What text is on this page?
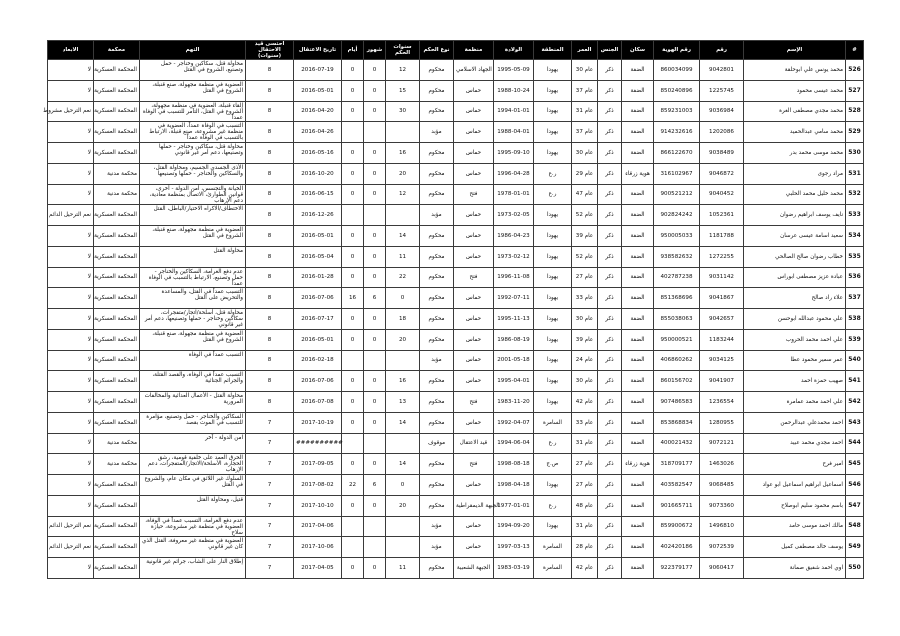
الابعاد	محكمة	التهم	احتسى قيد الاحتقال (سنوات)	تاريخ الاعتقال	أيام	شهور	سنوات الحكم	نوع الحكم	منظمة	الولادة	المنطقة	العمر	الجنس	سكان	رقم الهوية	رقم	الإسم	#
لا	المحكمة العسكرية	محاولة قتل، سكاكين وخناجر - حمل وتصنيع، الشروع في القتل	8	2016-07-19	0	0	12	محكوم	الجهاد الاسلامي	1995-05-09	يهودا	عام 30	ذكر	الضفة	860034099	9042801	محمد يونس علي ابوحلقة	526
لا	المحكمة العسكرية	العضوية في منظمة مجهولة، صنع قنبلة، الشروع في القتل	8	2016-05-01	0	0	15	محكوم	حماس	1988-10-24	يهودا	عام 37	ذكر	الضفة	850240896	1225745	محمد عيسى محمود	527
نعم الترحيل مشروط	المحكمة العسكرية	إلقاء قنبلة، العضوية في منظمة مجهولة، الشروع في القتل، التآمر للتسبب في الوفاة عمداً	8	2016-04-20	0	0	30	محكوم	حماس	1994-01-01	يهودا	عام 31	ذكر	الضفة	859231003	9036984	محمد مجدي مصطفى الغرة	528
لا	المحكمة العسكرية	التسبب في الوفاة عمداً، العضوية في منظمة غير مشروعة، صنع قنبلة، الارتباط بالتسبب في الوفاة عمداً	8	2016-04-26				مؤبد	حماس	1988-04-01	يهودا	عام 37	ذكر	الضفة	914232616	1202086	محمد سامي عبدالحميد	529
لا	المحكمة العسكرية	محاولة قتل، سكاكين وخناجر - حملها وتصنيعها، دعم أمر غير قانوني	8	2016-05-16	0	0	16	محكوم	حماس	1995-09-10	يهودا	عام 30	ذكر	الضفة	866122670	9038489	محمد موسى محمد بدر	530
لا	محكمة مدنية	الأذى الجسدي الجسيم، ومحاولة القتل، والسكاكين والخناجر - حملها وتصنيعها	8	2016-10-20	0	0	20	محكوم	حماس	1996-04-28	ر.ع	عام 29	ذكر	هوية زرقاء	316102967	9046872	مراد رجوى	531
لا	محكمة مدنية	الخيانة والتجسس، أمن الدولة - أخرى، قوانين الطوارئ، الاتصال بمنظمة معادية، دعم الإرهاب	8	2016-06-15	0	0	12	محكوم	فتح	1978-01-01	ر.ع	عام 47	ذكر	الضفة	900521212	9040452	محمد خليل محمد الحلبي	532
نعم الترحيل الدائم	المحكمة العسكرية	الاختطاف/الاكراه الاختيار/الباطل، القتل	8	2016-12-26				مؤبد	حماس	1973-02-05	يهودا	عام 52	ذكر	الضفة	902824242	1052361	نايف يوسف ابراهيم رضوان	533
لا	المحكمة العسكرية	العضوية في منظمة مجهولة، صنع قنبلة، الشروع في القتل	8	2016-05-01	0	0	14	محكوم	حماس	1986-04-23	يهودا	عام 39	ذكر	الضفة	950005033	1181788	سعيد اسامة عيسى عرسان	534
لا	المحكمة العسكرية	محاولة القتل	8	2016-05-04	0	0	11	محكوم	حماس	1973-02-12	يهودا	عام 52	ذكر	الضفة	938582632	1272255	خطاب رضوان صالح الصالحي	535
لا	المحكمة العسكرية	عدم دفع الغرامة، السكاكين والخناجر - حمل وتصنيع، الارتباط بالتسبب في الوفاة عمداً	8	2016-01-28	0	0	22	محكوم	فتح	1996-11-08	يهودا	عام 27	ذكر	الضفة	402787238	9031142	عبادة عزيز مصطفى ابوراس	536
لا	المحكمة العسكرية	التسبب عمداً في القتل، والمساعدة والتحريض على القتل	8	2016-07-06	16	6	0	محكوم	حماس	1992-07-11	يهودا	عام 33	ذكر	الضفة	851368696	9041867	علاء راد صالح	537
لا	المحكمة العسكرية	محاولة قتل، أسلحة/اتجار/متفجرات، سكاكين وخناجر - حملها وتصنيعها، دعم أمر غير قانوني	8	2016-07-17	0	0	18	محكوم	حماس	1995-11-13	يهودا	عام 30	ذكر	الضفة	855038063	9042657	علي محمود عبدالله ابوحسن	538
لا	المحكمة العسكرية	العضوية في منظمة مجهولة، صنع قنبلة، الشروع في القتل	8	2016-05-01	0	0	20	محكوم	حماس	1986-08-19	يهودا	عام 39	ذكر	الضفة	950000521	1183244	علي احمد محمد الحروب	539
لا	المحكمة العسكرية	التسبب عمداً في الوفاة	8	2016-02-18				مؤبد	حماس	2001-05-18	يهودا	عام 24	ذكر	الضفة	406860262	9034125	عمر سمير محمود عطا	540
لا	المحكمة العسكرية	التسبب عمداً في الوفاة، والقصد القتلة، والجرائم الجنائية	8	2016-07-06	0	0	16	محكوم	حماس	1995-04-01	يهودا	عام 30	ذكر	الضفة	860156702	9041907	صهيب حمزة احمد	541
لا	المحكمة العسكرية	محاولة القتل - الأعمال العدائية والمخالفات المرورية	8	2016-07-08	0	0	13	محكوم	فتح	1983-11-20	يهودا	عام 42	ذكر	الضفة	907486583	1236554	علي احمد محمد عمامرة	542
لا	المحكمة العسكرية	السكاكين والخناجر - حمل وتصنيع، مؤامرة للتسبب في الموت بقصد	7	2017-10-19	0	0	14	محكوم	حماس	1992-04-07	السامرة	عام 33	ذكر	الضفة	853868834	1280955	احمد محمدعلي عبدالرحمن	543
لا	محكمة مدنية	امن الدولة - آخر	7	##########				موقوف	قيد الاعتقال	1994-06-04	ر.ع	عام 31	ذكر	الضفة	400021432	9072121	احمد مجدي محمد عبيد	544
لا	محكمة مدنية	الحرق العمد على خلفية قومية، رشق الحجارة، الأسلحة/الاتجار/المتفجرات، دعم الإرهاب	7	2017-09-05	0	0	14	محكوم	فتح	1998-08-18	ص.ج	عام 27	ذكر	هوية زرقاء	318709177	1463026	امير فرح	545
لا	المحكمة العسكرية	السلوك غير اللائق في مكان عام، والشروع في القتل	7	2017-08-02	22	6	0	محكوم	حماس	1998-04-18	يهودا	عام 27	ذكر	الضفة	403582547	9068485	اسماعيل ابراهيم اسماعيل ابو عواد	546
لا	المحكمة العسكرية	قتيل، ومحاولة القتل	7	2017-10-10	0	0	20	محكوم	الجبهة الديمقراطية	1977-01-01	ر.ع	عام 48	ذكر	الضفة	901665711	9073360	باسم محمود سليم ابوصلاح	547
نعم الترحيل الدائم	المحكمة العسكرية	عدم دفع الغرامة، التسبب عمداً في الوفاة، العضوية في منظمة غير مشروعة، حيازة سلاح	7	2017-04-06				مؤبد	حماس	1994-09-20	يهودا	عام 31	ذكر	الضفة	859900672	1496810	مالك احمد موسى حامد	548
نعم الترحيل الدائم	المحكمة العسكرية	العضوية في منظمة غير معروفة، القتل الذي كان غير قانوني	7	2017-10-06				مؤبد	حماس	1997-03-13	السامرة	عام 28	ذكر	الضفة	402420186	9072539	يوسف خالد مصطفى كميل	549
لا	المحكمة العسكرية	إطلاق النار على الشاب، جرائم غير قانونية	7	2017-04-05	0	0	11	محكوم	الجبهة الشعبية	1983-03-19	السامرة	عام 42	ذكر	الضفة	922379177	9060417	اوي احمد شفيق صمانة	550
